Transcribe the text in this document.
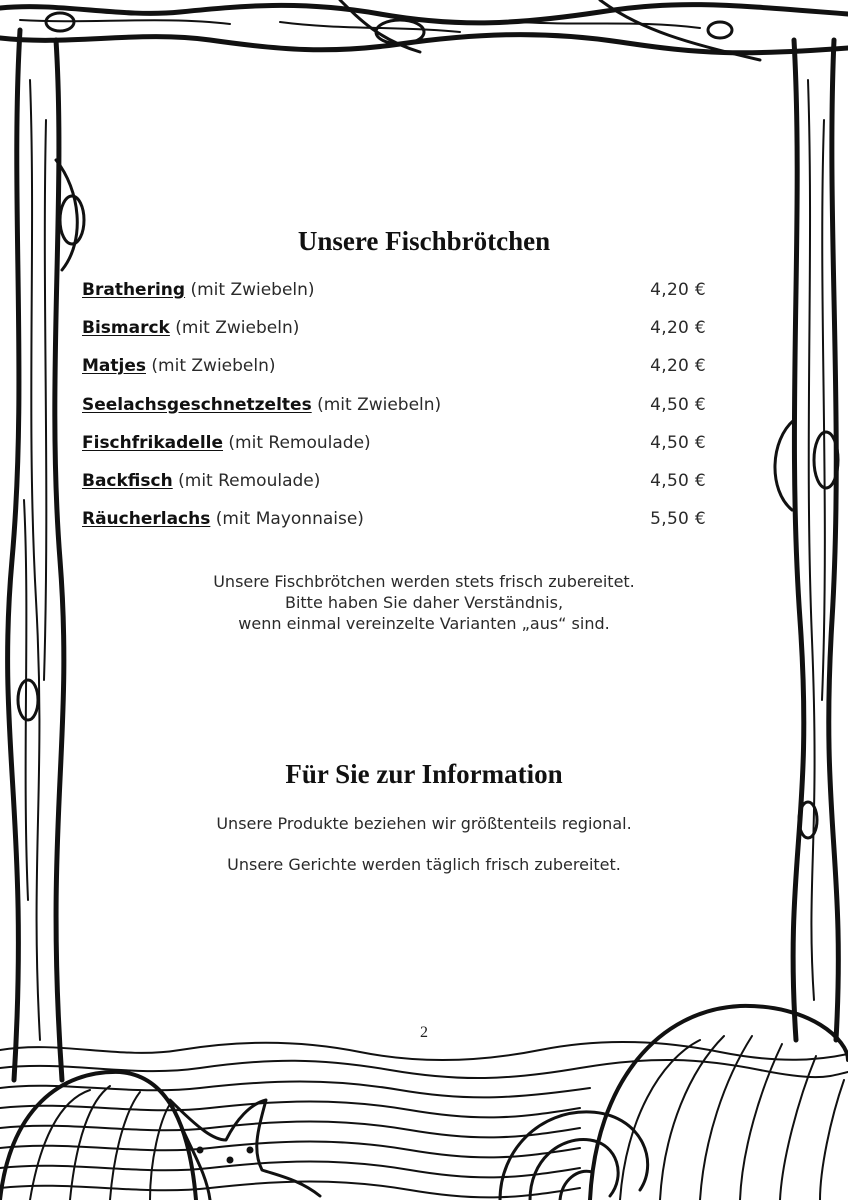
Unsere Fischbrötchen
Brathering (mit Zwiebeln)	4,20 €
Bismarck (mit Zwiebeln)	4,20 €
Matjes (mit Zwiebeln)	4,20 €
Seelachsgeschnetzeltes (mit Zwiebeln)	4,50 €
Fischfrikadelle (mit Remoulade)	4,50 €
Backfisch (mit Remoulade)	4,50 €
Räucherlachs (mit Mayonnaise)	5,50 €
Unsere Fischbrötchen werden stets frisch zubereitet.
Bitte haben Sie daher Verständnis,
wenn einmal vereinzelte Varianten „aus“ sind.
Für Sie zur Information
Unsere Produkte beziehen wir größtenteils regional.
Unsere Gerichte werden täglich frisch zubereitet.
2
